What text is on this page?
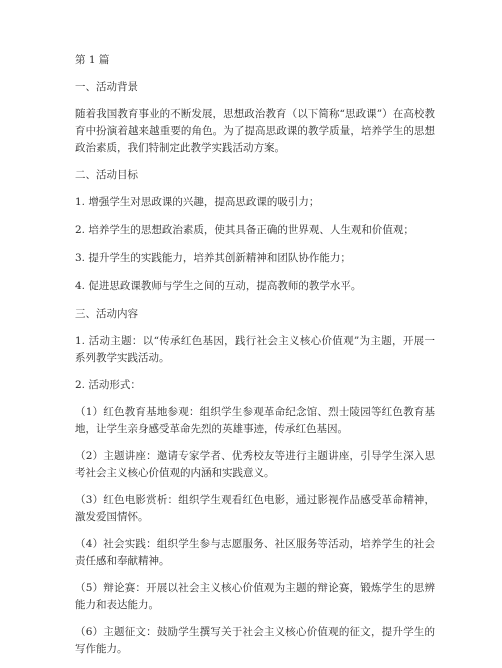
第 1 篇

一、活动背景

随着我国教育事业的不断发展，思想政治教育（以下简称“思政课”）在高校教育中扮演着越来越重要的角色。为了提高思政课的教学质量，培养学生的思想政治素质，我们特制定此教学实践活动方案。

二、活动目标

1. 增强学生对思政课的兴趣，提高思政课的吸引力；

2. 培养学生的思想政治素质，使其具备正确的世界观、人生观和价值观；

3. 提升学生的实践能力，培养其创新精神和团队协作能力；

4. 促进思政课教师与学生之间的互动，提高教师的教学水平。

三、活动内容

1. 活动主题：以“传承红色基因，践行社会主义核心价值观”为主题，开展一系列教学实践活动。

2. 活动形式：

（1）红色教育基地参观：组织学生参观革命纪念馆、烈士陵园等红色教育基地，让学生亲身感受革命先烈的英雄事迹，传承红色基因。

（2）主题讲座：邀请专家学者、优秀校友等进行主题讲座，引导学生深入思考社会主义核心价值观的内涵和实践意义。

（3）红色电影赏析：组织学生观看红色电影，通过影视作品感受革命精神，激发爱国情怀。

（4）社会实践：组织学生参与志愿服务、社区服务等活动，培养学生的社会责任感和奉献精神。

（5）辩论赛：开展以社会主义核心价值观为主题的辩论赛，锻炼学生的思辨能力和表达能力。

（6）主题征文：鼓励学生撰写关于社会主义核心价值观的征文，提升学生的写作能力。
